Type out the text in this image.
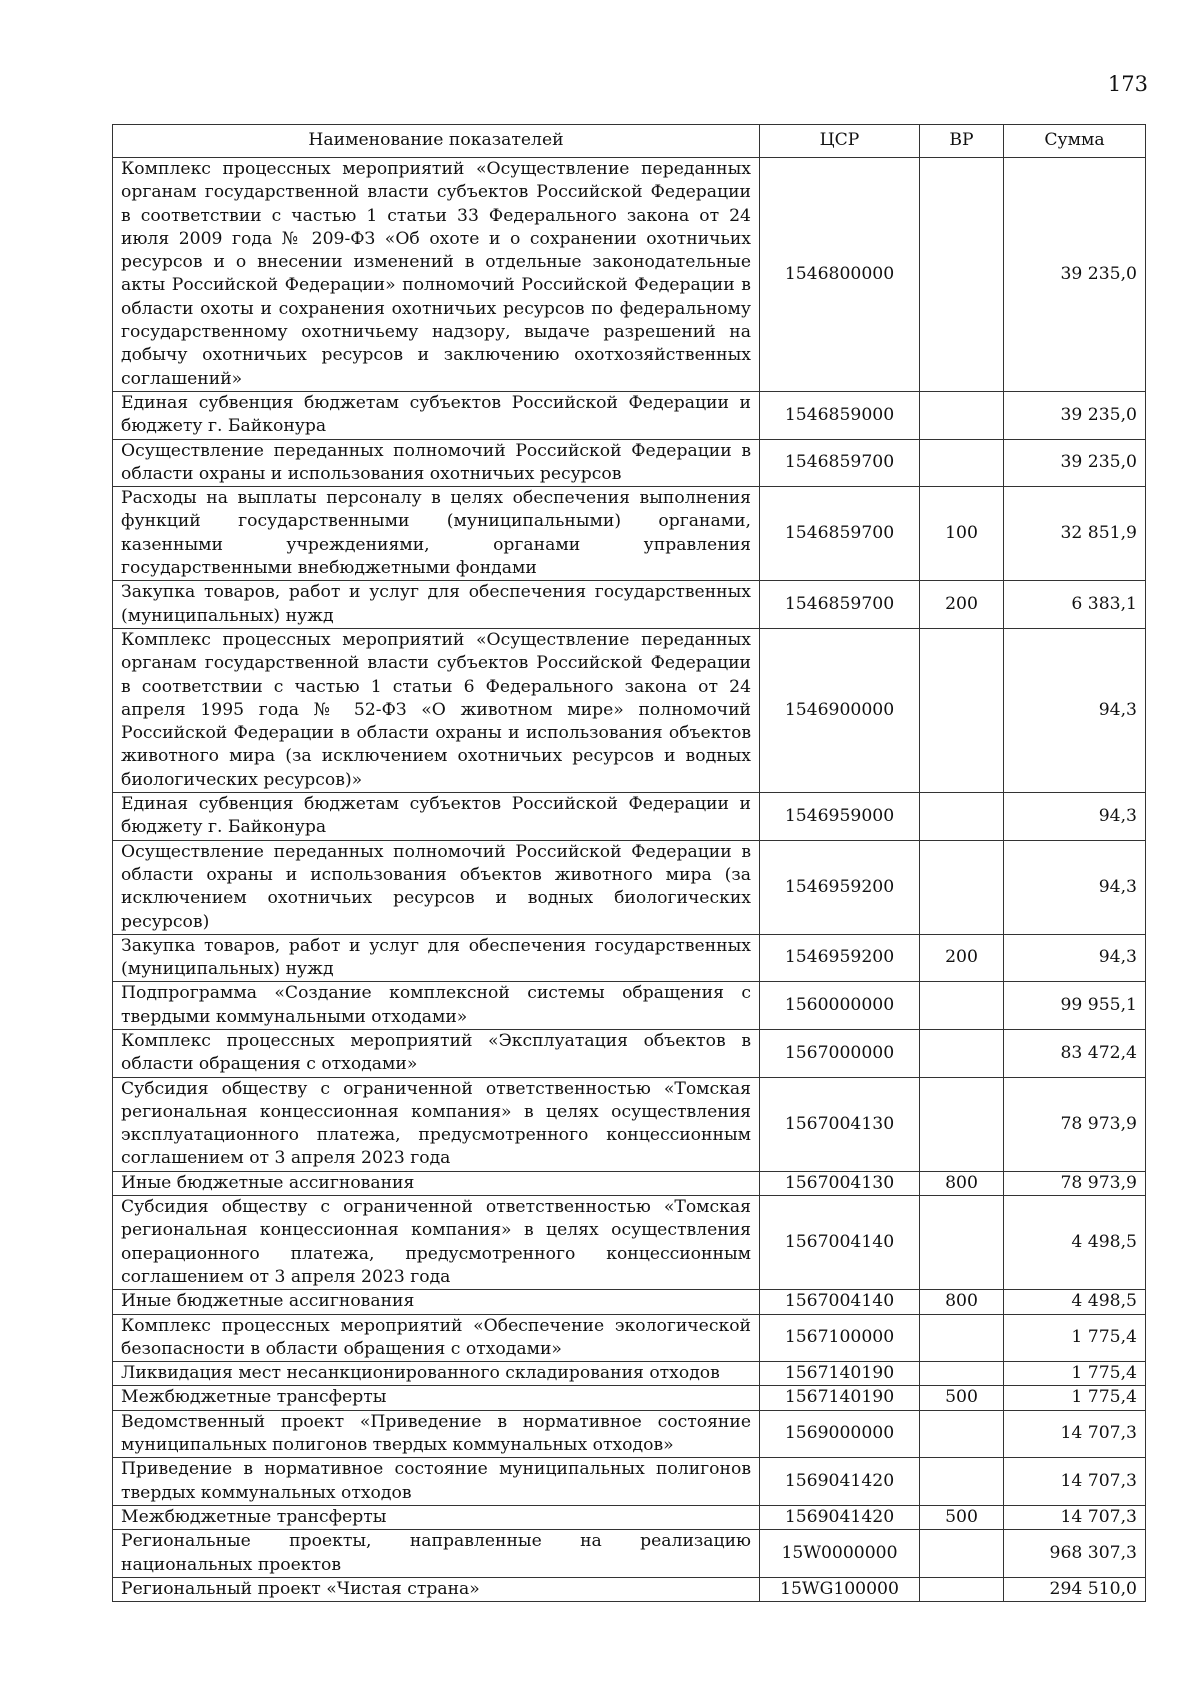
173
Наименование показателей	ЦСР	ВР	Сумма
Комплекс процессных мероприятий «Осуществление переданных органам государственной власти субъектов Российской Федерации в соответствии с частью 1 статьи 33 Федерального закона от 24 июля 2009 года № 209-ФЗ «Об охоте и о сохранении охотничьих ресурсов и о внесении изменений в отдельные законодательные акты Российской Федерации» полномочий Российской Федерации в области охоты и сохранения охотничьих ресурсов по федеральному государственному охотничьему надзору, выдаче разрешений на добычу охотничьих ресурсов и заключению охотхозяйственных соглашений»	1546800000		39 235,0
Единая субвенция бюджетам субъектов Российской Федерации и бюджету г. Байконура	1546859000		39 235,0
Осуществление переданных полномочий Российской Федерации в области охраны и использования охотничьих ресурсов	1546859700		39 235,0
Расходы на выплаты персоналу в целях обеспечения выполнения функций государственными (муниципальными) органами, казенными учреждениями, органами управления государственными внебюджетными фондами	1546859700	100	32 851,9
Закупка товаров, работ и услуг для обеспечения государственных (муниципальных) нужд	1546859700	200	6 383,1
Комплекс процессных мероприятий «Осуществление переданных органам государственной власти субъектов Российской Федерации в соответствии с частью 1 статьи 6 Федерального закона от 24 апреля 1995 года № 52-ФЗ «О животном мире» полномочий Российской Федерации в области охраны и использования объектов животного мира (за исключением охотничьих ресурсов и водных биологических ресурсов)»	1546900000		94,3
Единая субвенция бюджетам субъектов Российской Федерации и бюджету г. Байконура	1546959000		94,3
Осуществление переданных полномочий Российской Федерации в области охраны и использования объектов животного мира (за исключением охотничьих ресурсов и водных биологических ресурсов)	1546959200		94,3
Закупка товаров, работ и услуг для обеспечения государственных (муниципальных) нужд	1546959200	200	94,3
Подпрограмма «Создание комплексной системы обращения с твердыми коммунальными отходами»	1560000000		99 955,1
Комплекс процессных мероприятий «Эксплуатация объектов в области обращения с отходами»	1567000000		83 472,4
Субсидия обществу с ограниченной ответственностью «Томская региональная концессионная компания» в целях осуществления эксплуатационного платежа, предусмотренного концессионным соглашением от 3 апреля 2023 года	1567004130		78 973,9
Иные бюджетные ассигнования	1567004130	800	78 973,9
Субсидия обществу с ограниченной ответственностью «Томская региональная концессионная компания» в целях осуществления операционного платежа, предусмотренного концессионным соглашением от 3 апреля 2023 года	1567004140		4 498,5
Иные бюджетные ассигнования	1567004140	800	4 498,5
Комплекс процессных мероприятий «Обеспечение экологической безопасности в области обращения с отходами»	1567100000		1 775,4
Ликвидация мест несанкционированного складирования отходов	1567140190		1 775,4
Межбюджетные трансферты	1567140190	500	1 775,4
Ведомственный проект «Приведение в нормативное состояние муниципальных полигонов твердых коммунальных отходов»	1569000000		14 707,3
Приведение в нормативное состояние муниципальных полигонов твердых коммунальных отходов	1569041420		14 707,3
Межбюджетные трансферты	1569041420	500	14 707,3
Региональные проекты, направленные на реализацию национальных проектов	15W0000000		968 307,3
Региональный проект «Чистая страна»	15WG100000		294 510,0
